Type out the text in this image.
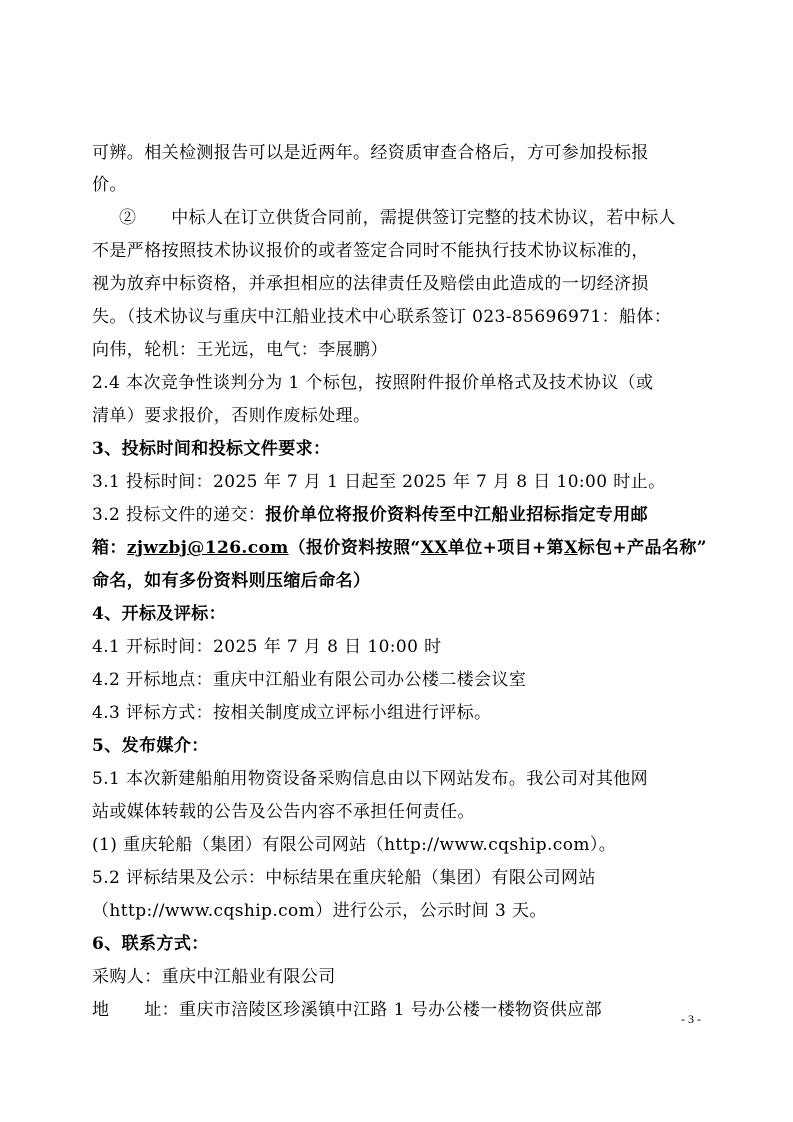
可辨。相关检测报告可以是近两年。经资质审查合格后，方可参加投标报
价。
②　　中标人在订立供货合同前，需提供签订完整的技术协议，若中标人
不是严格按照技术协议报价的或者签定合同时不能执行技术协议标准的，
视为放弃中标资格，并承担相应的法律责任及赔偿由此造成的一切经济损
失。（技术协议与重庆中江船业技术中心联系签订 023-85696971：船体：
向伟，轮机：王光远，电气：李展鹏）
2.4 本次竞争性谈判分为 1 个标包，按照附件报价单格式及技术协议（或
清单）要求报价，否则作废标处理。
3、投标时间和投标文件要求：
3.1 投标时间：2025 年 7 月 1 日起至 2025 年 7 月 8 日 10:00 时止。
3.2 投标文件的递交：报价单位将报价资料传至中江船业招标指定专用邮
箱：zjwzbj@126.com（报价资料按照“XX单位+项目+第X标包+产品名称”
命名，如有多份资料则压缩后命名）
4、开标及评标：
4.1 开标时间：2025 年 7 月 8 日 10:00 时
4.2 开标地点：重庆中江船业有限公司办公楼二楼会议室
4.3 评标方式：按相关制度成立评标小组进行评标。
5、发布媒介：
5.1 本次新建船舶用物资设备采购信息由以下网站发布。我公司对其他网
站或媒体转载的公告及公告内容不承担任何责任。
(1) 重庆轮船（集团）有限公司网站（http://www.cqship.com）。
5.2 评标结果及公示：中标结果在重庆轮船（集团）有限公司网站
（http://www.cqship.com）进行公示，公示时间 3 天。
6、联系方式：
采购人：重庆中江船业有限公司
地　　址：重庆市涪陵区珍溪镇中江路 1 号办公楼一楼物资供应部	- 3 -
